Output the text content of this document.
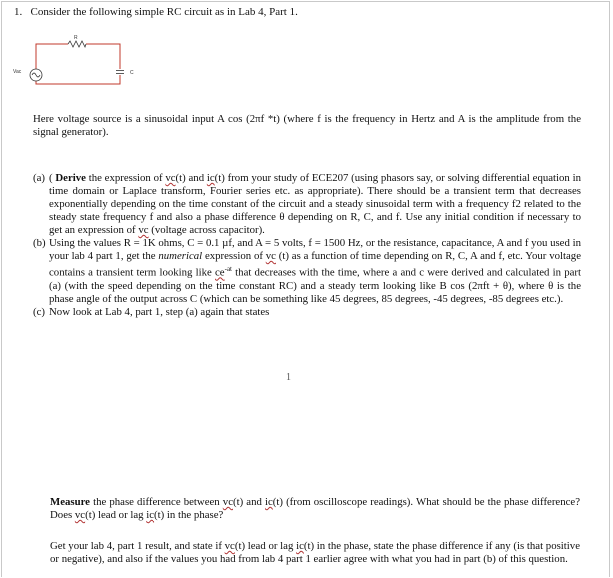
1. Consider the following simple RC circuit as in Lab 4, Part 1.
R
Vac	C
Here voltage source is a sinusoidal input A cos (2πf *t) (where f is the frequency in Hertz and A is the amplitude from the signal generator).
(a) ( Derive the expression of vc(t) and ic(t) from your study of ECE207 (using phasors say, or solving differential equation in time domain or Laplace transform, Fourier series etc. as appropriate). There should be a transient term that decreases exponentially depending on the time constant of the circuit and a steady sinusoidal term with a frequency f2 related to the steady state frequency f and also a phase difference θ depending on R, C, and f. Use any initial condition if necessary to get an expression of vc (voltage across capacitor).
(b) Using the values R = 1K ohms, C = 0.1 µf, and A = 5 volts, f = 1500 Hz, or the resistance, capacitance, A and f you used in your lab 4 part 1, get the numerical expression of vc (t) as a function of time depending on R, C, A and f, etc. Your voltage contains a transient term looking like $ce^{-at}$ that decreases with the time, where a and c were derived and calculated in part (a) (with the speed depending on the time constant RC) and a steady term looking like B cos (2πft + θ), where θ is the phase angle of the output across C (which can be something like 45 degrees, 85 degrees, -45 degrees, -85 degrees etc.).
(c) Now look at Lab 4, part 1, step (a) again that states
1
Measure the phase difference between vc(t) and ic(t) (from oscilloscope readings). What should be the phase difference? Does vc(t) lead or lag ic(t) in the phase?
Get your lab 4, part 1 result, and state if vc(t) lead or lag ic(t) in the phase, state the phase difference if any (is that positive or negative), and also if the values you had from lab 4 part 1 earlier agree with what you had in part (b) of this question.
